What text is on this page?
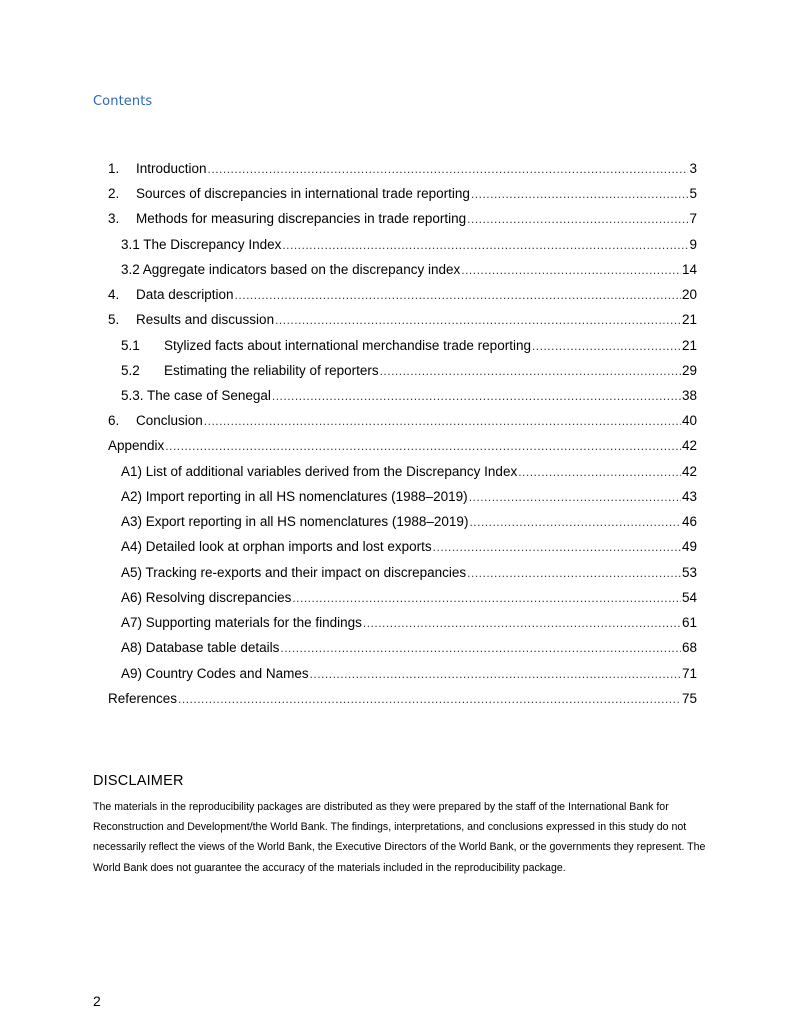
Contents
1.	Introduction .....	3
2.	Sources of discrepancies in international trade reporting .....	5
3.	Methods for measuring discrepancies in trade reporting .....	7
3.1 The Discrepancy Index .....	9
3.2 Aggregate indicators based on the discrepancy index .....	14
4.	Data description .....	20
5.	Results and discussion .....	21
5.1	Stylized facts about international merchandise trade reporting .....	21
5.2	Estimating the reliability of reporters .....	29
5.3. The case of Senegal .....	38
6.	Conclusion .....	40
Appendix .....	42
A1) List of additional variables derived from the Discrepancy Index .....	42
A2) Import reporting in all HS nomenclatures (1988–2019) .....	43
A3) Export reporting in all HS nomenclatures (1988–2019) .....	46
A4) Detailed look at orphan imports and lost exports .....	49
A5) Tracking re-exports and their impact on discrepancies .....	53
A6) Resolving discrepancies .....	54
A7) Supporting materials for the findings .....	61
A8) Database table details .....	68
A9) Country Codes and Names .....	71
References .....	75
DISCLAIMER
The materials in the reproducibility packages are distributed as they were prepared by the staff of the International Bank for Reconstruction and Development/the World Bank. The findings, interpretations, and conclusions expressed in this study do not necessarily reflect the views of the World Bank, the Executive Directors of the World Bank, or the governments they represent. The World Bank does not guarantee the accuracy of the materials included in the reproducibility package.
2
